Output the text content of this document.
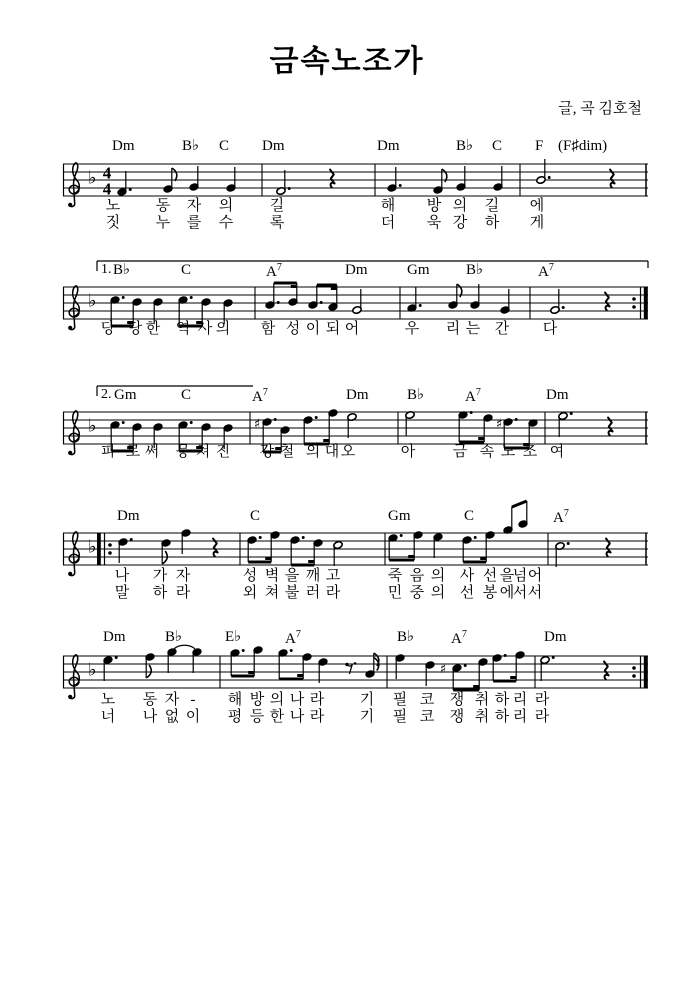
금속노조가
글, 곡 김호철
♭ 4
4
♭
♭	♯	♯
♭
♭	♯
Dm	B♭ C Dm	Dm	B♭ C F (F♯dim)
노 동 자 의 길	해 방 의 길 에
짓 누 를 수 록	더 욱 강 하 게
1. B♭	C	$A^7$	Dm	Gm B♭	$A^7$
당 당 한 역 사 의 함 성 이 되 어	우 리 는 간 다
2. Gm	C	$A^7$	Dm	B♭	$A^7$	Dm
피 로 써 뭉 쳐 진 강 철 의 대 오	아	금 속 노 조 여
Dm	C	Gm	C	$A^7$
나 가 자	성 벽 을 깨 고	죽 음 의 사 선 을
넘 어
말 하 라	외 쳐 불 러 라	민 중 의 선 봉 에
서 서
Dm	B♭	E♭	$A^7$	B♭ $A^7$	Dm
노 동 자 - 해 방 의 나 라 기 필 코 쟁 취 하 리 라
너 나 없 이 평 등 한 나 라 기 필 코 쟁 취 하 리 라
